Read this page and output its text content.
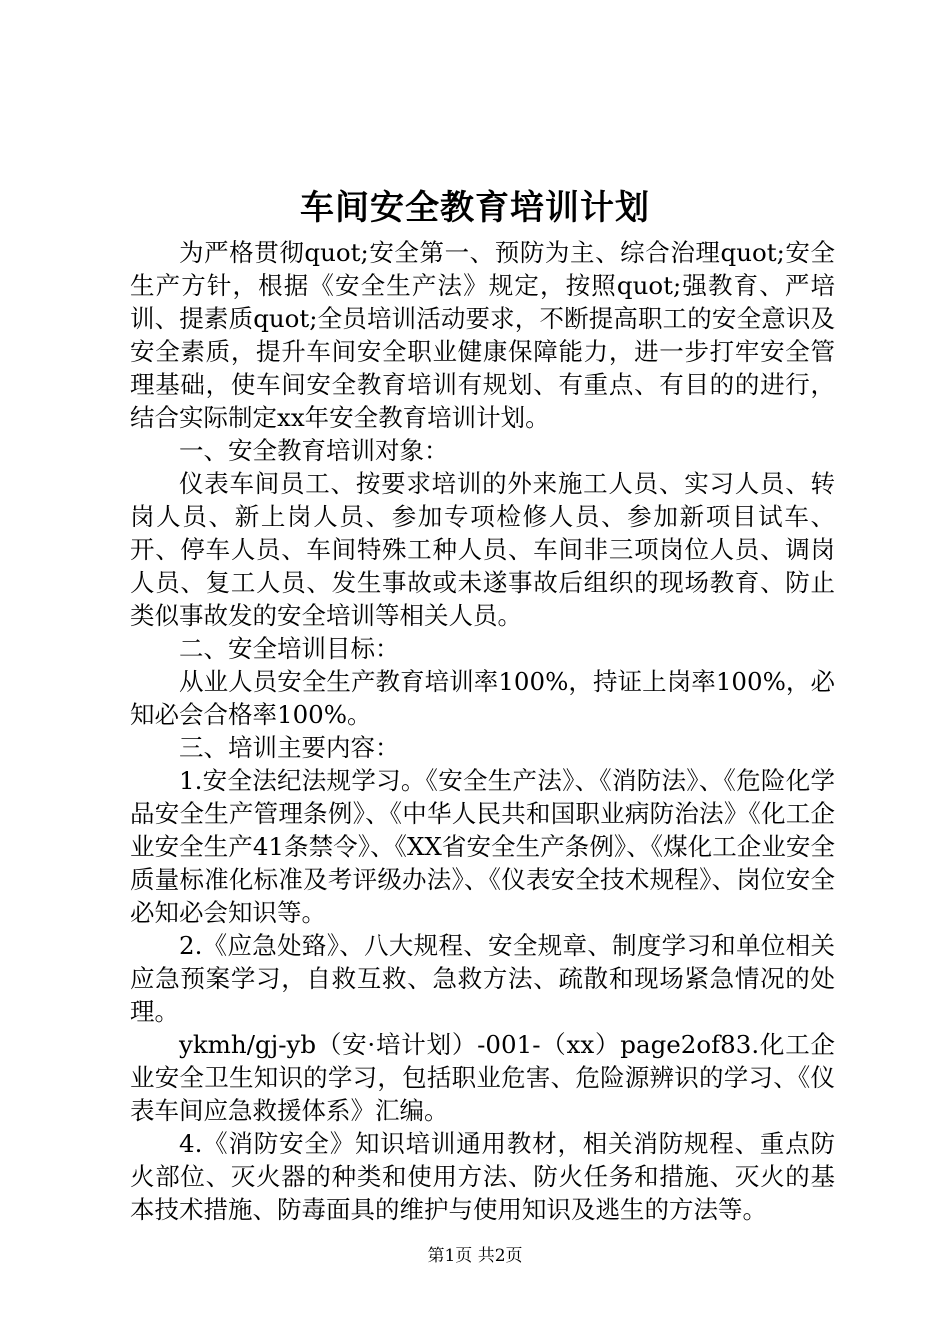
车间安全教育培训计划

为严格贯彻quot;安全第一、预防为主、综合治理quot;安全生产方针，根据《安全生产法》规定，按照quot;强教育、严培训、提素质quot;全员培训活动要求，不断提高职工的安全意识及安全素质，提升车间安全职业健康保障能力，进一步打牢安全管理基础，使车间安全教育培训有规划、有重点、有目的的进行，结合实际制定xx年安全教育培训计划。

一、安全教育培训对象：

仪表车间员工、按要求培训的外来施工人员、实习人员、转岗人员、新上岗人员、参加专项检修人员、参加新项目试车、开、停车人员、车间特殊工种人员、车间非三项岗位人员、调岗人员、复工人员、发生事故或未遂事故后组织的现场教育、防止类似事故发的安全培训等相关人员。

二、安全培训目标：

从业人员安全生产教育培训率100%，持证上岗率100%，必知必会合格率100%。

三、培训主要内容：

1.安全法纪法规学习。《安全生产法》、《消防法》、《危险化学品安全生产管理条例》、《中华人民共和国职业病防治法》《化工企业安全生产41条禁令》、《XX省安全生产条例》、《煤化工企业安全质量标准化标准及考评级办法》、《仪表安全技术规程》、岗位安全必知必会知识等。

2.《应急处臵》、八大规程、安全规章、制度学习和单位相关应急预案学习，自救互救、急救方法、疏散和现场紧急情况的处理。

ykmh/gj-yb（安·培计划）-001-（xx）page2of83.化工企业安全卫生知识的学习，包括职业危害、危险源辨识的学习、《仪表车间应急救援体系》汇编。

4.《消防安全》知识培训通用教材，相关消防规程、重点防火部位、灭火器的种类和使用方法、防火任务和措施、灭火的基本技术措施、防毒面具的维护与使用知识及逃生的方法等。

第1页 共2页
